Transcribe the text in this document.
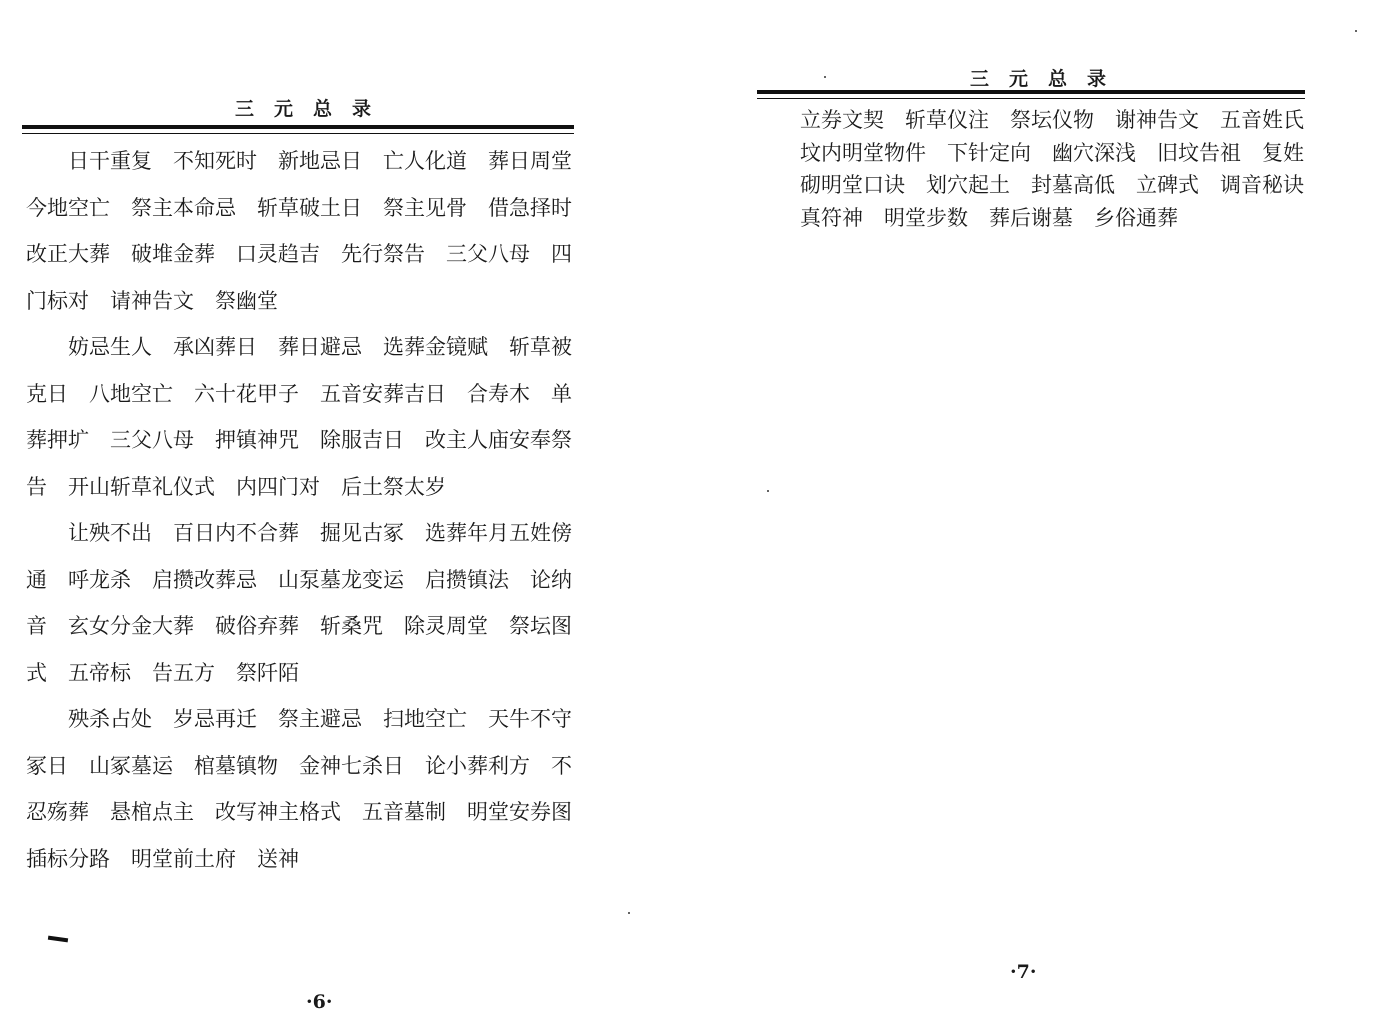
三元总录

日干重复　不知死时　新地忌日　亡人化道　葬日周堂　今地空亡　祭主本命忌　斩草破土日　祭主见骨　借急择时　改正大葬　破堆金葬　口灵趋吉　先行祭告　三父八母　四门标对　请神告文　祭幽堂

妨忌生人　承凶葬日　葬日避忌　选葬金镜赋　斩草被克日　八地空亡　六十花甲子　五音安葬吉日　合寿木　单葬押圹　三父八母　押镇神咒　除服吉日　改主人庙安奉祭告　开山斩草礼仪式　内四门对　后土祭太岁

让殃不出　百日内不合葬　掘见古冢　选葬年月五姓傍通　呼龙杀　启攒改葬忌　山泵墓龙变运　启攒镇法　论纳音　玄女分金大葬　破俗弃葬　斩桑咒　除灵周堂　祭坛图式　五帝标　告五方　祭阡陌

殃杀占处　岁忌再迁　祭主避忌　扫地空亡　天牛不守冢日　山冢墓运　棺墓镇物　金神七杀日　论小葬利方　不忍殇葬　悬棺点主　改写神主格式　五音墓制　明堂安券图　插标分路　明堂前土府　送神

·6·
三元总录

立券文契　斩草仪注　祭坛仪物　谢神告文　五音姓氏

坟内明堂物件　下针定向　幽穴深浅　旧坟告祖　复姓

砌明堂口诀　划穴起土　封墓高低　立碑式　调音秘诀

真符神　明堂步数　葬后谢墓　乡俗通葬

·7·
